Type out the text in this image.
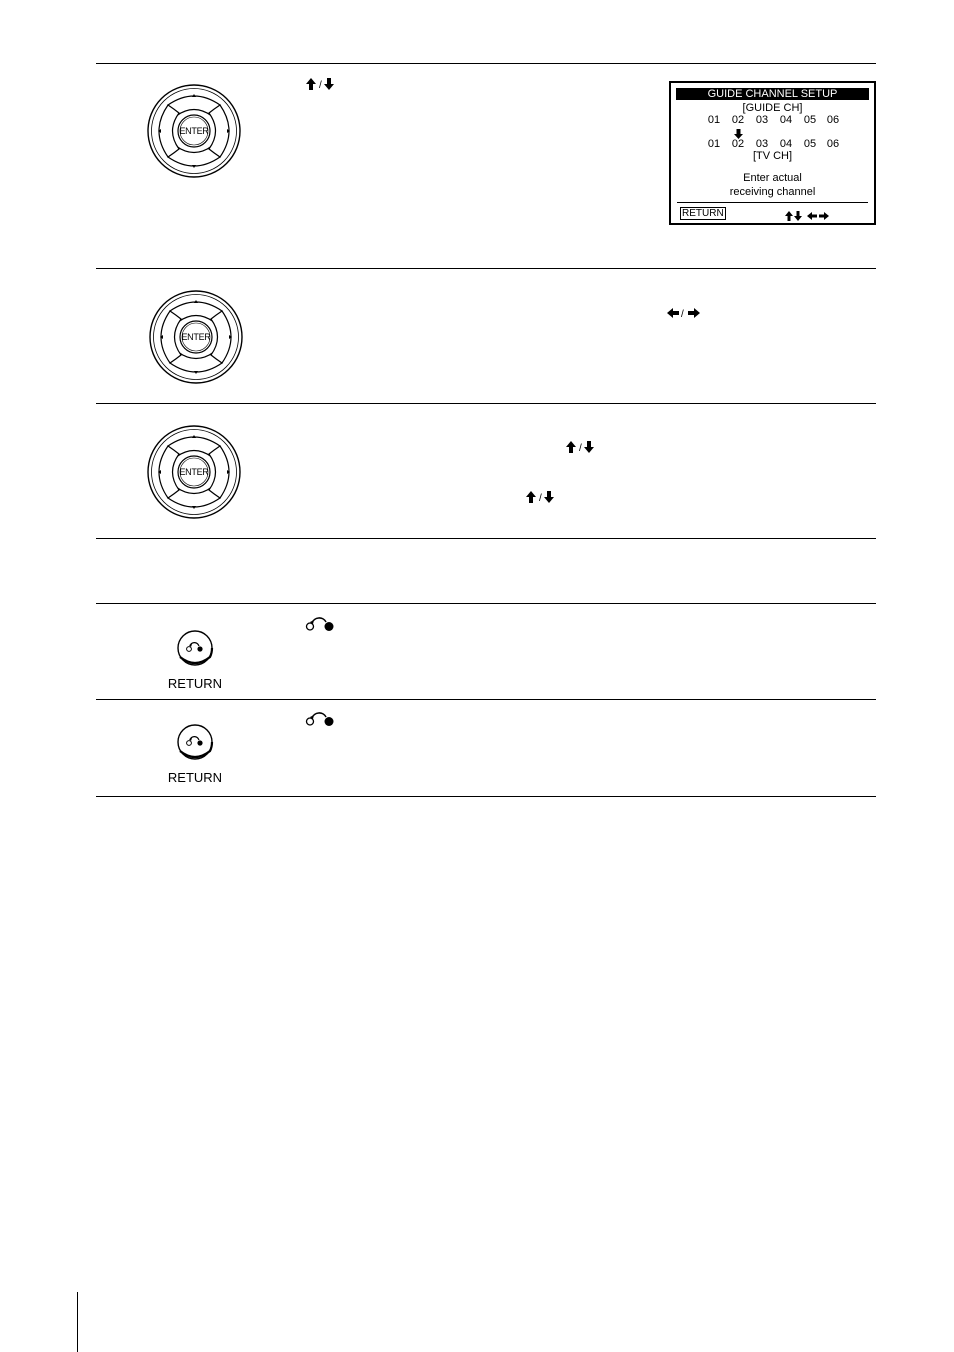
ENTER
/
GUIDE CHANNEL SETUP
[GUIDE CH]
01	02	03	04	05 06
01	02	03	04	05 06
[TV CH]
Enter actual
receiving channel
RETURN
ENTER
/
ENTER
/
/
RETURN
RETURN
